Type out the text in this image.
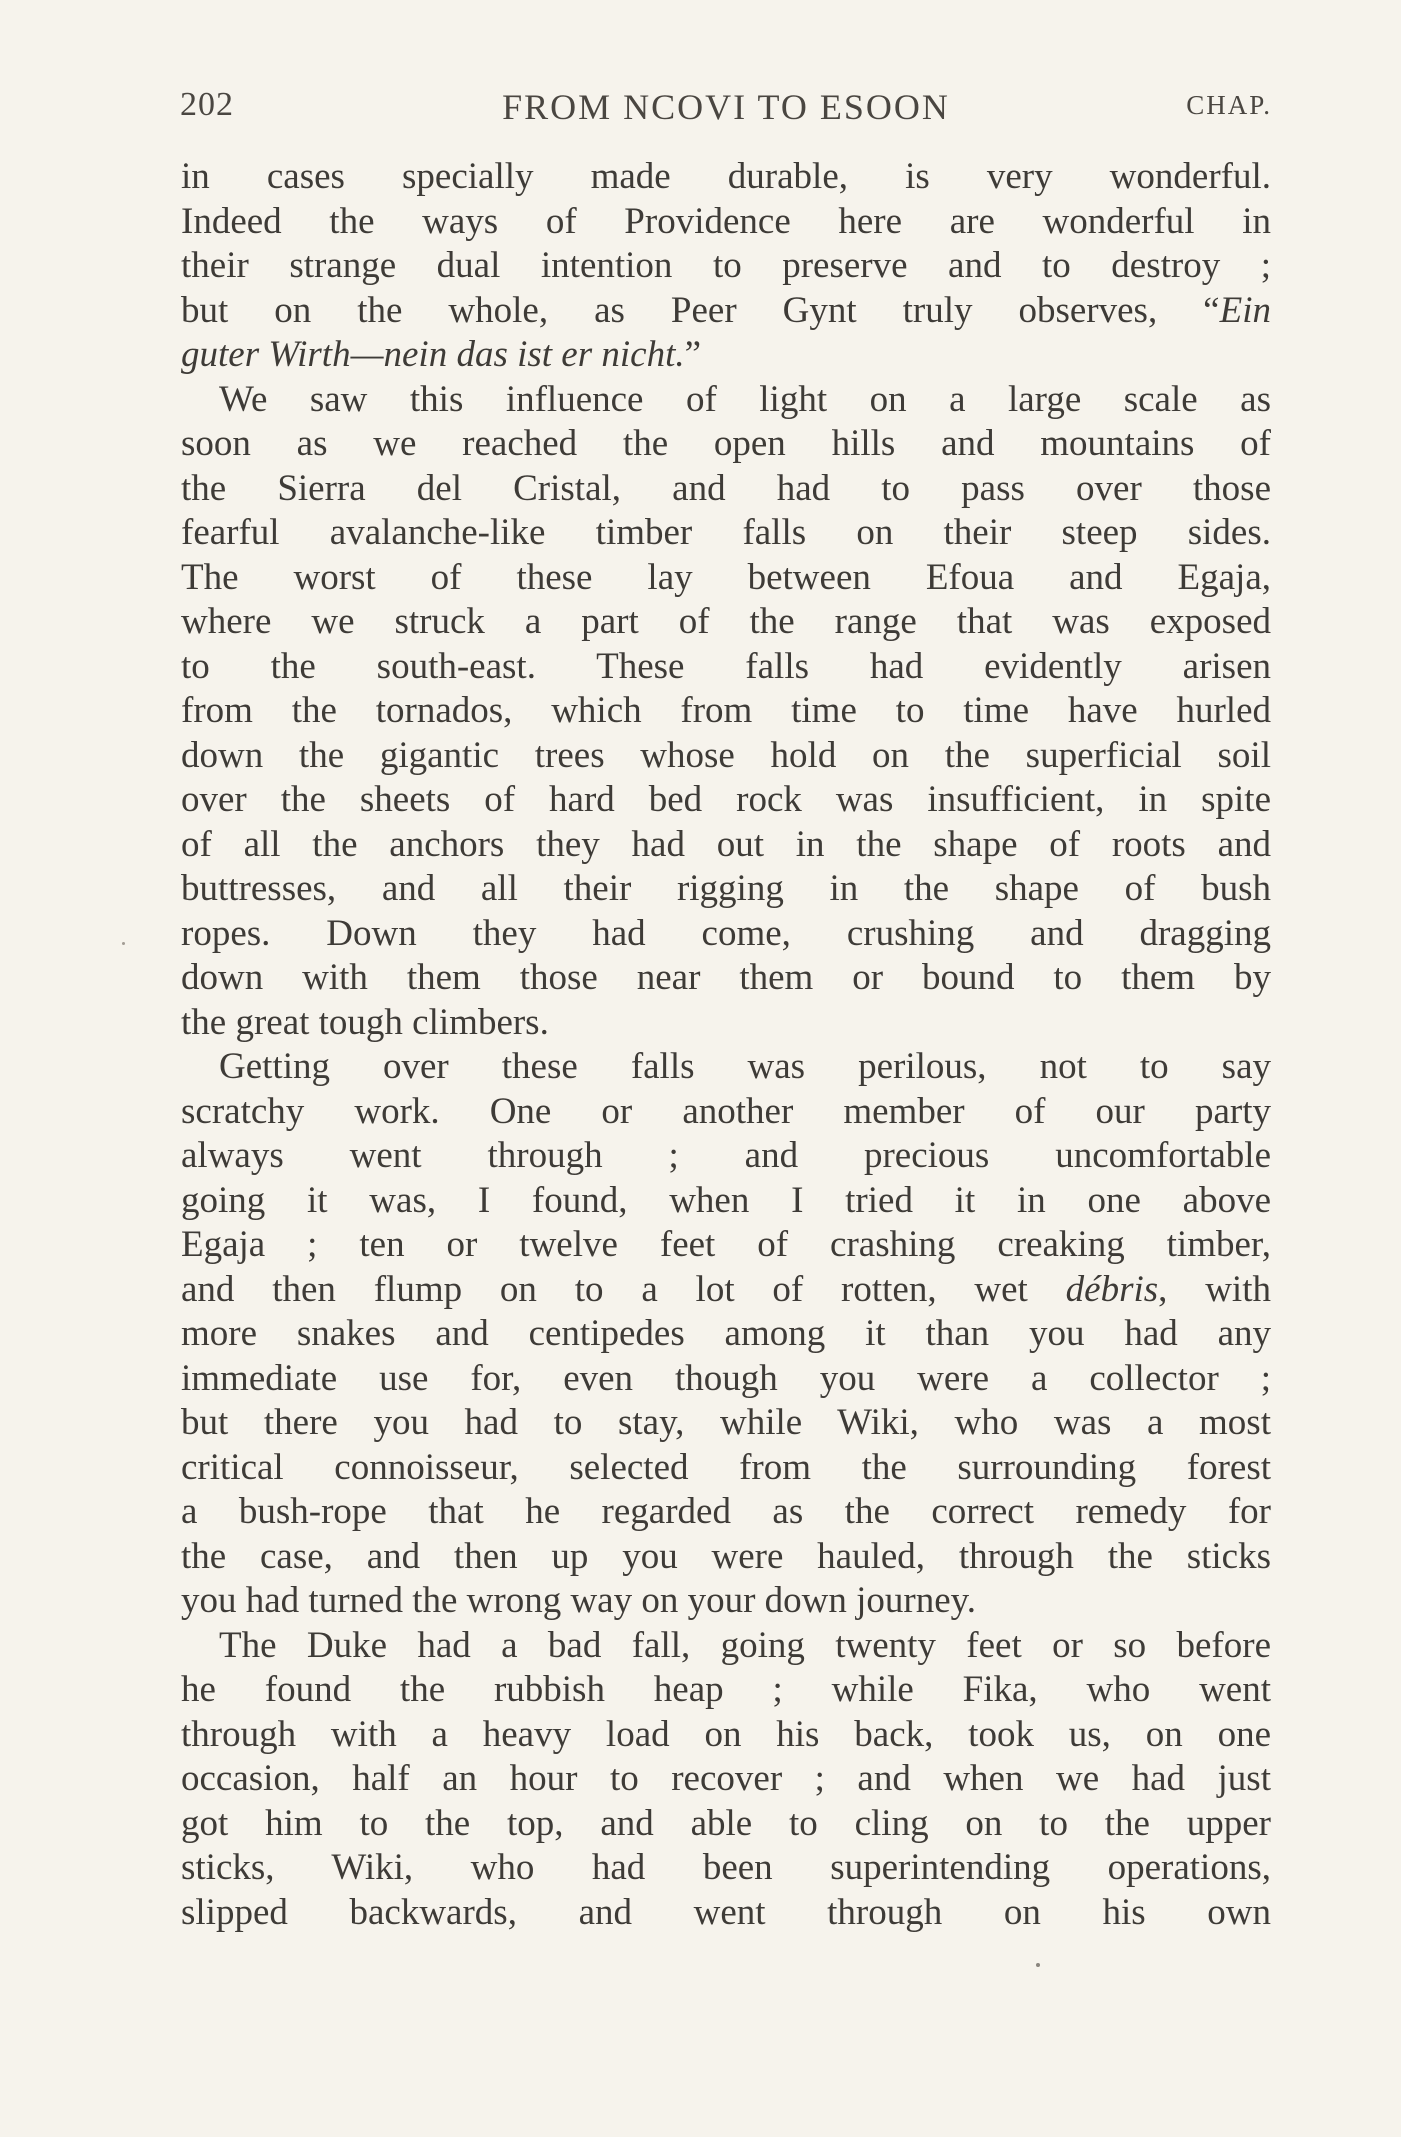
202	FROM NCOVI TO ESOON	CHAP.
in cases specially made durable, is very wonderful.
Indeed the ways of Providence here are wonderful in
their strange dual intention to preserve and to destroy ;
but on the whole, as Peer Gynt truly observes, “Ein
guter Wirth—nein das ist er nicht.”
We saw this influence of light on a large scale as
soon as we reached the open hills and mountains of
the Sierra del Cristal, and had to pass over those
fearful avalanche-like timber falls on their steep sides.
The worst of these lay between Efoua and Egaja,
where we struck a part of the range that was exposed
to the south-east. These falls had evidently arisen
from the tornados, which from time to time have hurled
down the gigantic trees whose hold on the superficial soil
over the sheets of hard bed rock was insufficient, in spite
of all the anchors they had out in the shape of roots and
buttresses, and all their rigging in the shape of bush
ropes. Down they had come, crushing and dragging
down with them those near them or bound to them by
the great tough climbers.
Getting over these falls was perilous, not to say
scratchy work. One or another member of our party
always went through ; and precious uncomfortable
going it was, I found, when I tried it in one above
Egaja ; ten or twelve feet of crashing creaking timber,
and then flump on to a lot of rotten, wet débris, with
more snakes and centipedes among it than you had any
immediate use for, even though you were a collector ;
but there you had to stay, while Wiki, who was a most
critical connoisseur, selected from the surrounding forest
a bush-rope that he regarded as the correct remedy for
the case, and then up you were hauled, through the sticks
you had turned the wrong way on your down journey.
The Duke had a bad fall, going twenty feet or so before
he found the rubbish heap ; while Fika, who went
through with a heavy load on his back, took us, on one
occasion, half an hour to recover ; and when we had just
got him to the top, and able to cling on to the upper
sticks, Wiki, who had been superintending operations,
slipped backwards, and went through on his own
